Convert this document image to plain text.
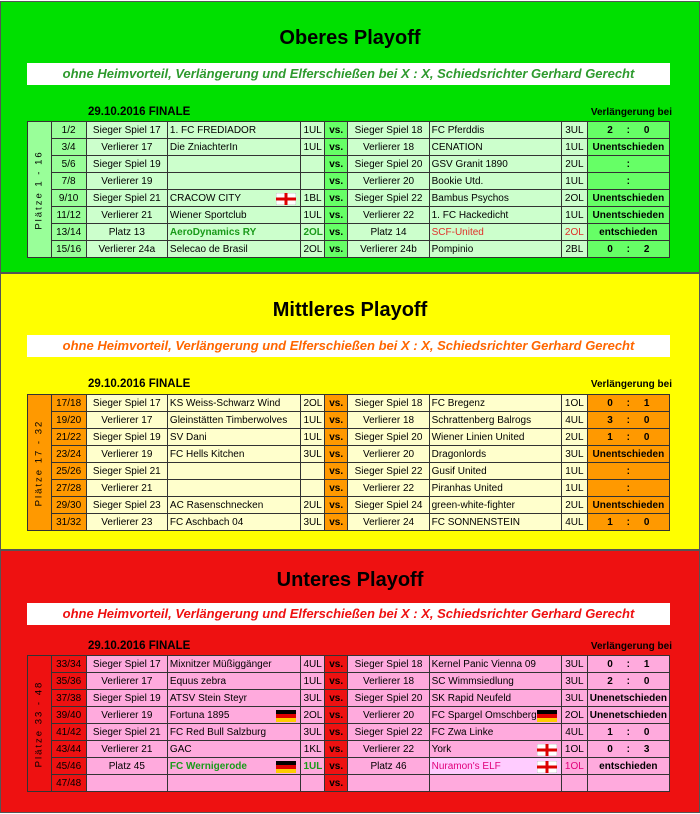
Oberes Playoff
ohne Heimvorteil, Verlängerung und Elferschießen bei X : X, Schiedsrichter Gerhard Gerecht
29.10.2016 FINALE	Verlängerung bei
Plätze 1 - 16	1/2	Sieger Spiel 17	1. FC FREDIADOR	1UL	vs.	Sieger Spiel 18	FC Pferddis	3UL	2     :     0
	3/4	Verlierer 17	Die ZniachterIn	1UL	vs.	Verlierer 18	CENATION	1UL	Unentschieden
	5/6	Sieger Spiel 19			vs.	Sieger Spiel 20	GSV Granit 1890	2UL	:
	7/8	Verlierer 19			vs.	Verlierer 20	Bookie Utd.	1UL	:
	9/10	Sieger Spiel 21	CRACOW CITY	1BL	vs.	Sieger Spiel 22	Bambus Psychos	2OL	Unentschieden
	11/12	Verlierer 21	Wiener Sportclub	1UL	vs.	Verlierer 22	1. FC Hackedicht	1UL	Unentschieden
	13/14	Platz 13	AeroDynamics RY	2OL	vs.	Platz 14	SCF-United	2OL	entschieden
	15/16	Verlierer 24a	Selecao de Brasil	2OL	vs.	Verlierer 24b	Pompinio	2BL	0     :     2
Mittleres Playoff
ohne Heimvorteil, Verlängerung und Elferschießen bei X : X, Schiedsrichter Gerhard Gerecht
29.10.2016 FINALE	Verlängerung bei
Plätze 17 - 32	17/18	Sieger Spiel 17	KS Weiss-Schwarz Wind	2OL	vs.	Sieger Spiel 18	FC Bregenz	1OL	0     :     1
	19/20	Verlierer 17	Gleinstätten Timberwolves	1UL	vs.	Verlierer 18	Schrattenberg Balrogs	4UL	3     :     0
	21/22	Sieger Spiel 19	SV Dani	1UL	vs.	Sieger Spiel 20	Wiener Linien United	2UL	1     :     0
	23/24	Verlierer 19	FC Hells Kitchen	3UL	vs.	Verlierer 20	Dragonlords	3UL	Unentschieden
	25/26	Sieger Spiel 21			vs.	Sieger Spiel 22	Gusif United	1UL	:
	27/28	Verlierer 21			vs.	Verlierer 22	Piranhas United	1UL	:
	29/30	Sieger Spiel 23	AC Rasenschnecken	2UL	vs.	Sieger Spiel 24	green-white-fighter	2UL	Unentschieden
	31/32	Verlierer 23	FC Aschbach 04	3UL	vs.	Verlierer 24	FC SONNENSTEIN	4UL	1     :     0
Unteres Playoff
ohne Heimvorteil, Verlängerung und Elferschießen bei X : X, Schiedsrichter Gerhard Gerecht
29.10.2016 FINALE	Verlängerung bei
Plätze 33 - 48	33/34	Sieger Spiel 17	Mixnitzer Müßiggänger	4UL	vs.	Sieger Spiel 18	Kernel Panic Vienna 09	3UL	0     :     1
	35/36	Verlierer 17	Equus zebra	1UL	vs.	Verlierer 18	SC Wimmsiedlung	3UL	2     :     0
	37/38	Sieger Spiel 19	ATSV Stein Steyr	3UL	vs.	Sieger Spiel 20	SK Rapid Neufeld	3UL	Unenetschieden
	39/40	Verlierer 19	Fortuna 1895	2OL	vs.	Verlierer 20	FC Spargel Omschberg	2OL	Unenetschieden
	41/42	Sieger Spiel 21	FC Red Bull Salzburg	3UL	vs.	Sieger Spiel 22	FC Zwa Linke	4UL	1     :     0
	43/44	Verlierer 21	GAC	1KL	vs.	Verlierer 22	York	1OL	0     :     3
	45/46	Platz 45	FC Wernigerode	1UL	vs.	Platz 46	Nuramon's ELF	1OL	entschieden
	47/48				vs.				
